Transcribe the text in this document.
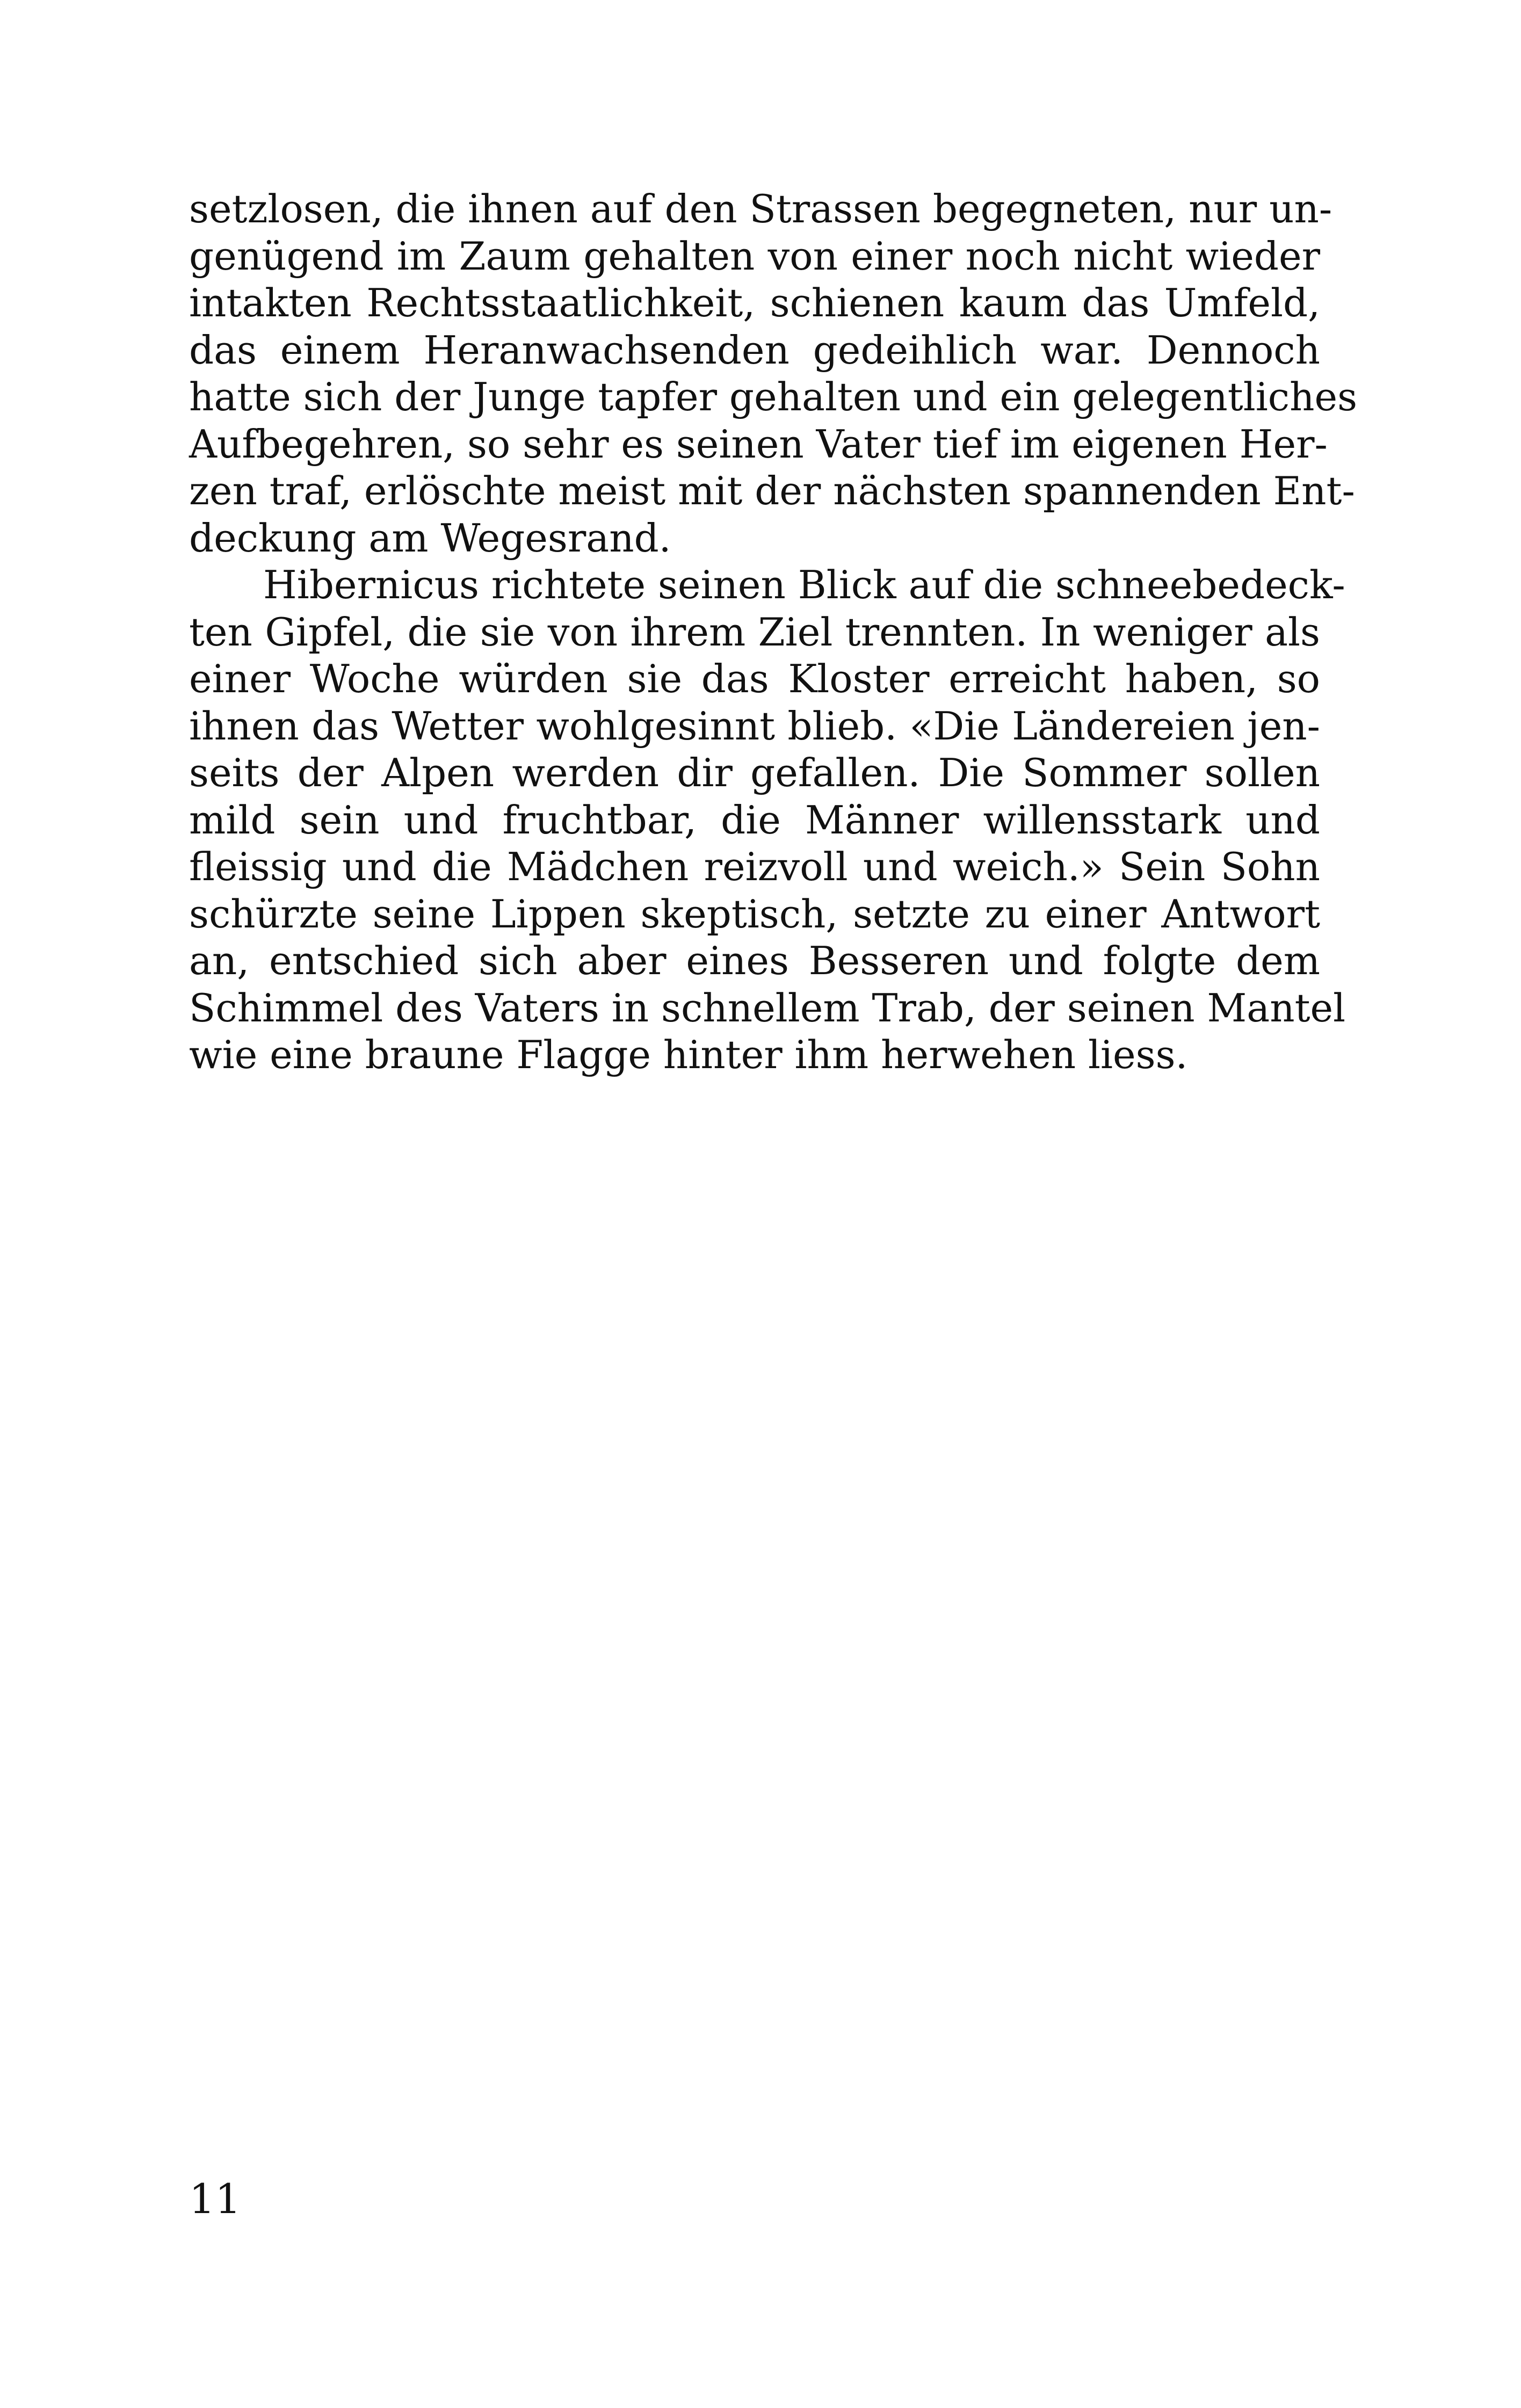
setzlosen, die ihnen auf den Strassen begegneten, nur un-
genügend im Zaum gehalten von einer noch nicht wieder
intakten Rechtsstaatlichkeit, schienen kaum das Umfeld,
das einem Heranwachsenden gedeihlich war. Dennoch
hatte sich der Junge tapfer gehalten und ein gelegentliches
Aufbegehren, so sehr es seinen Vater tief im eigenen Her-
zen traf, erlöschte meist mit der nächsten spannenden Ent-
deckung am Wegesrand.
Hibernicus richtete seinen Blick auf die schneebedeck-
ten Gipfel, die sie von ihrem Ziel trennten. In weniger als
einer Woche würden sie das Kloster erreicht haben, so
ihnen das Wetter wohlgesinnt blieb. «Die Ländereien jen-
seits der Alpen werden dir gefallen. Die Sommer sollen
mild sein und fruchtbar, die Männer willensstark und
fleissig und die Mädchen reizvoll und weich.» Sein Sohn
schürzte seine Lippen skeptisch, setzte zu einer Antwort
an, entschied sich aber eines Besseren und folgte dem
Schimmel des Vaters in schnellem Trab, der seinen Mantel
wie eine braune Flagge hinter ihm herwehen liess.
11
